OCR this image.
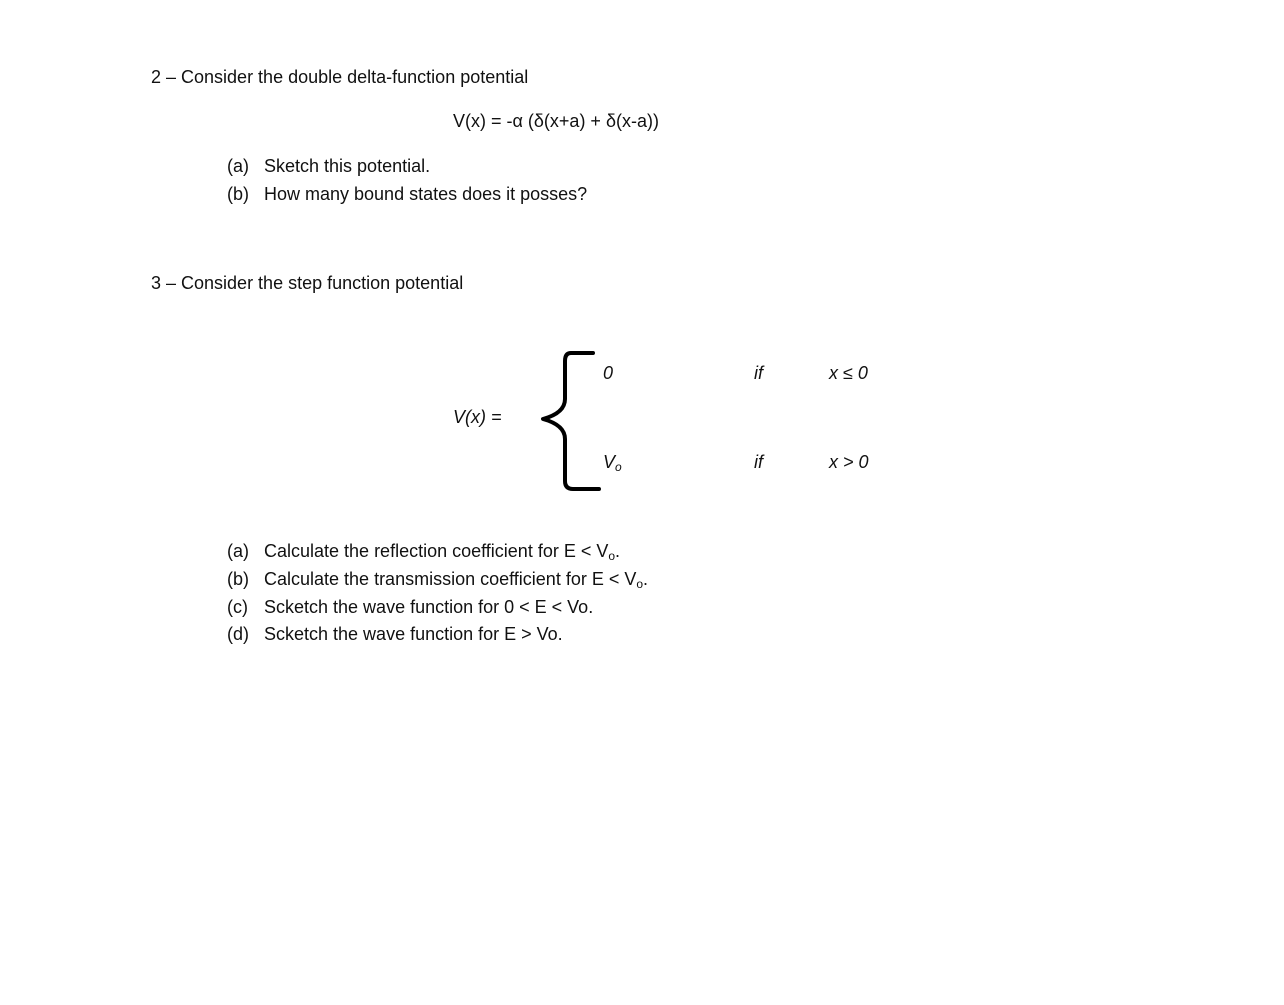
2 – Consider the double delta-function potential
V(x) = -α (δ(x+a) + δ(x-a))
(a) Sketch this potential.
(b) How many bound states does it posses?
3 – Consider the step function potential
V(x) =
0	if	x ≤ 0
$V_o$	if	x > 0
(a) Calculate the reflection coefficient for $E < V_o$.
(b) Calculate the transmission coefficient for $E < V_o$.
(c) Scketch the wave function for 0 < E < Vo.
(d) Scketch the wave function for E > Vo.
